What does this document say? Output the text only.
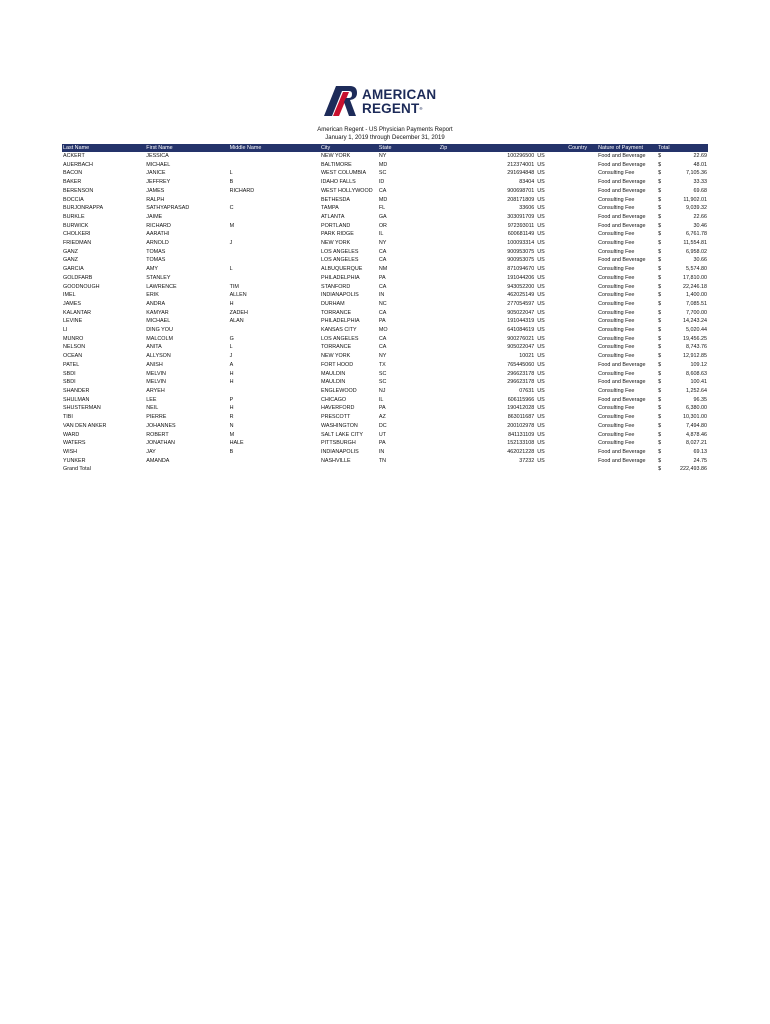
AMERICAN
REGENT®
American Regent - US Physician Payments Report
January 1, 2019 through December 31, 2019
Last Name	First Name	Middle Name	City	State	Zip	Country	Nature of Payment	Total	
ACKERT	JESSICA		NEW YORK	NY	100296500	US	Food and Beverage	$	22.69
AUERBACH	MICHAEL		BALTIMORE	MD	212374001	US	Food and Beverage	$	48.01
BACON	JANICE	L	WEST COLUMBIA	SC	291694848	US	Consulting Fee	$	7,105.36
BAKER	JEFFREY	B	IDAHO FALLS	ID	83404	US	Food and Beverage	$	33.33
BERENSON	JAMES	RICHARD	WEST HOLLYWOOD	CA	900698701	US	Food and Beverage	$	69.68
BOCCIA	RALPH		BETHESDA	MD	208171809	US	Consulting Fee	$	11,902.01
BURJONRAPPA	SATHYAPRASAD	C	TAMPA	FL	33606	US	Consulting Fee	$	9,039.32
BURKLE	JAIME		ATLANTA	GA	303091709	US	Food and Beverage	$	22.66
BURWICK	RICHARD	M	PORTLAND	OR	972393011	US	Food and Beverage	$	30.46
CHOLKERI	AARATHI		PARK RIDGE	IL	600681149	US	Consulting Fee	$	6,761.78
FRIEDMAN	ARNOLD	J	NEW YORK	NY	100093314	US	Consulting Fee	$	11,554.81
GANZ	TOMAS		LOS ANGELES	CA	900953075	US	Consulting Fee	$	6,958.02
GANZ	TOMAS		LOS ANGELES	CA	900953075	US	Food and Beverage	$	30.66
GARCIA	AMY	L	ALBUQUERQUE	NM	871094670	US	Consulting Fee	$	5,574.80
GOLDFARB	STANLEY		PHILADELPHIA	PA	191044206	US	Consulting Fee	$	17,810.00
GOODNOUGH	LAWRENCE	TIM	STANFORD	CA	943052200	US	Consulting Fee	$	22,246.18
IMEL	ERIK	ALLEN	INDIANAPOLIS	IN	462025149	US	Consulting Fee	$	1,400.00
JAMES	ANDRA	H	DURHAM	NC	277054597	US	Consulting Fee	$	7,085.51
KALANTAR	KAMYAR	ZADEH	TORRANCE	CA	905022047	US	Consulting Fee	$	7,700.00
LEVINE	MICHAEL	ALAN	PHILADELPHIA	PA	191044319	US	Consulting Fee	$	14,243.24
LI	DING YOU		KANSAS CITY	MO	641084619	US	Consulting Fee	$	5,020.44
MUNRO	MALCOLM	G	LOS ANGELES	CA	900276021	US	Consulting Fee	$	19,456.25
NELSON	ANITA	L	TORRANCE	CA	905022047	US	Consulting Fee	$	8,743.76
OCEAN	ALLYSON	J	NEW YORK	NY	10021	US	Consulting Fee	$	12,912.85
PATEL	ANISH	A	FORT HOOD	TX	765445060	US	Food and Beverage	$	109.12
SBDI	MELVIN	H	MAULDIN	SC	296623178	US	Consulting Fee	$	8,608.63
SBDI	MELVIN	H	MAULDIN	SC	296623178	US	Food and Beverage	$	100.41
SHANDER	ARYEH		ENGLEWOOD	NJ	07631	US	Consulting Fee	$	1,252.64
SHULMAN	LEE	P	CHICAGO	IL	606115966	US	Food and Beverage	$	96.35
SHUSTERMAN	NEIL	H	HAVERFORD	PA	190412028	US	Consulting Fee	$	6,380.00
TIBI	PIERRE	R	PRESCOTT	AZ	863011687	US	Consulting Fee	$	10,301.00
VAN DEN ANKER	JOHANNES	N	WASHINGTON	DC	200102978	US	Consulting Fee	$	7,494.80
WARD	ROBERT	M	SALT LAKE CITY	UT	841131109	US	Consulting Fee	$	4,878.46
WATERS	JONATHAN	HALE	PITTSBURGH	PA	152133108	US	Consulting Fee	$	8,027.21
WISH	JAY	B	INDIANAPOLIS	IN	462021228	US	Food and Beverage	$	69.13
YUNKER	AMANDA		NASHVILLE	TN	37232	US	Food and Beverage	$	24.75
Grand Total								$	222,493.86
